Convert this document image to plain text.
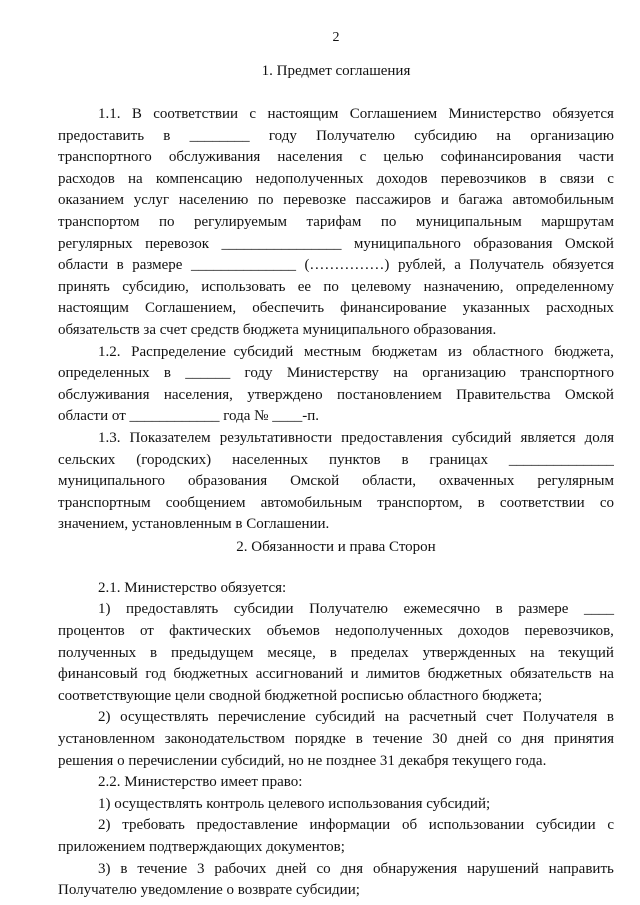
2
1. Предмет соглашения
1.1. В соответствии с настоящим Соглашением Министерство обязуется
предоставить в ________ году Получателю субсидию на организацию
транспортного обслуживания населения с целью софинансирования части
расходов на компенсацию недополученных доходов перевозчиков в связи с
оказанием услуг населению по перевозке пассажиров и багажа автомобильным
транспортом по регулируемым тарифам по муниципальным маршрутам
регулярных перевозок ________________ муниципального образования Омской
области в размере ______________ (……………) рублей, а Получатель обязуется
принять субсидию, использовать ее по целевому назначению, определенному
настоящим Соглашением, обеспечить финансирование указанных расходных
обязательств за счет средств бюджета муниципального образования.
1.2. Распределение  субсидий местным бюджетам из областного бюджета,
определенных в ______ году Министерству на организацию транспортного
обслуживания населения, утверждено постановлением Правительства Омской
области от ____________ года № ____-п.
1.3. Показателем результативности предоставления субсидий является доля
сельских (городских) населенных пунктов в границах ______________
муниципального образования Омской области, охваченных регулярным
транспортным сообщением автомобильным транспортом, в соответствии со
значением, установленным в Соглашении.
2. Обязанности и права Сторон
2.1. Министерство обязуется:
1) предоставлять субсидии Получателю ежемесячно в размере ____
процентов от фактических объемов недополученных доходов перевозчиков,
полученных в предыдущем месяце, в пределах утвержденных на текущий
финансовый год бюджетных ассигнований и лимитов бюджетных обязательств на
соответствующие цели сводной бюджетной росписью областного бюджета;
2) осуществлять перечисление субсидий на расчетный счет Получателя в
установленном законодательством порядке в течение 30 дней со дня принятия
решения о перечислении субсидий, но не позднее 31 декабря текущего года.
2.2. Министерство имеет право:
1) осуществлять контроль целевого использования субсидий;
2) требовать предоставление информации об использовании субсидии с
приложением подтверждающих документов;
3) в течение 3 рабочих дней со дня обнаружения нарушений направить
Получателю уведомление о возврате субсидии;
